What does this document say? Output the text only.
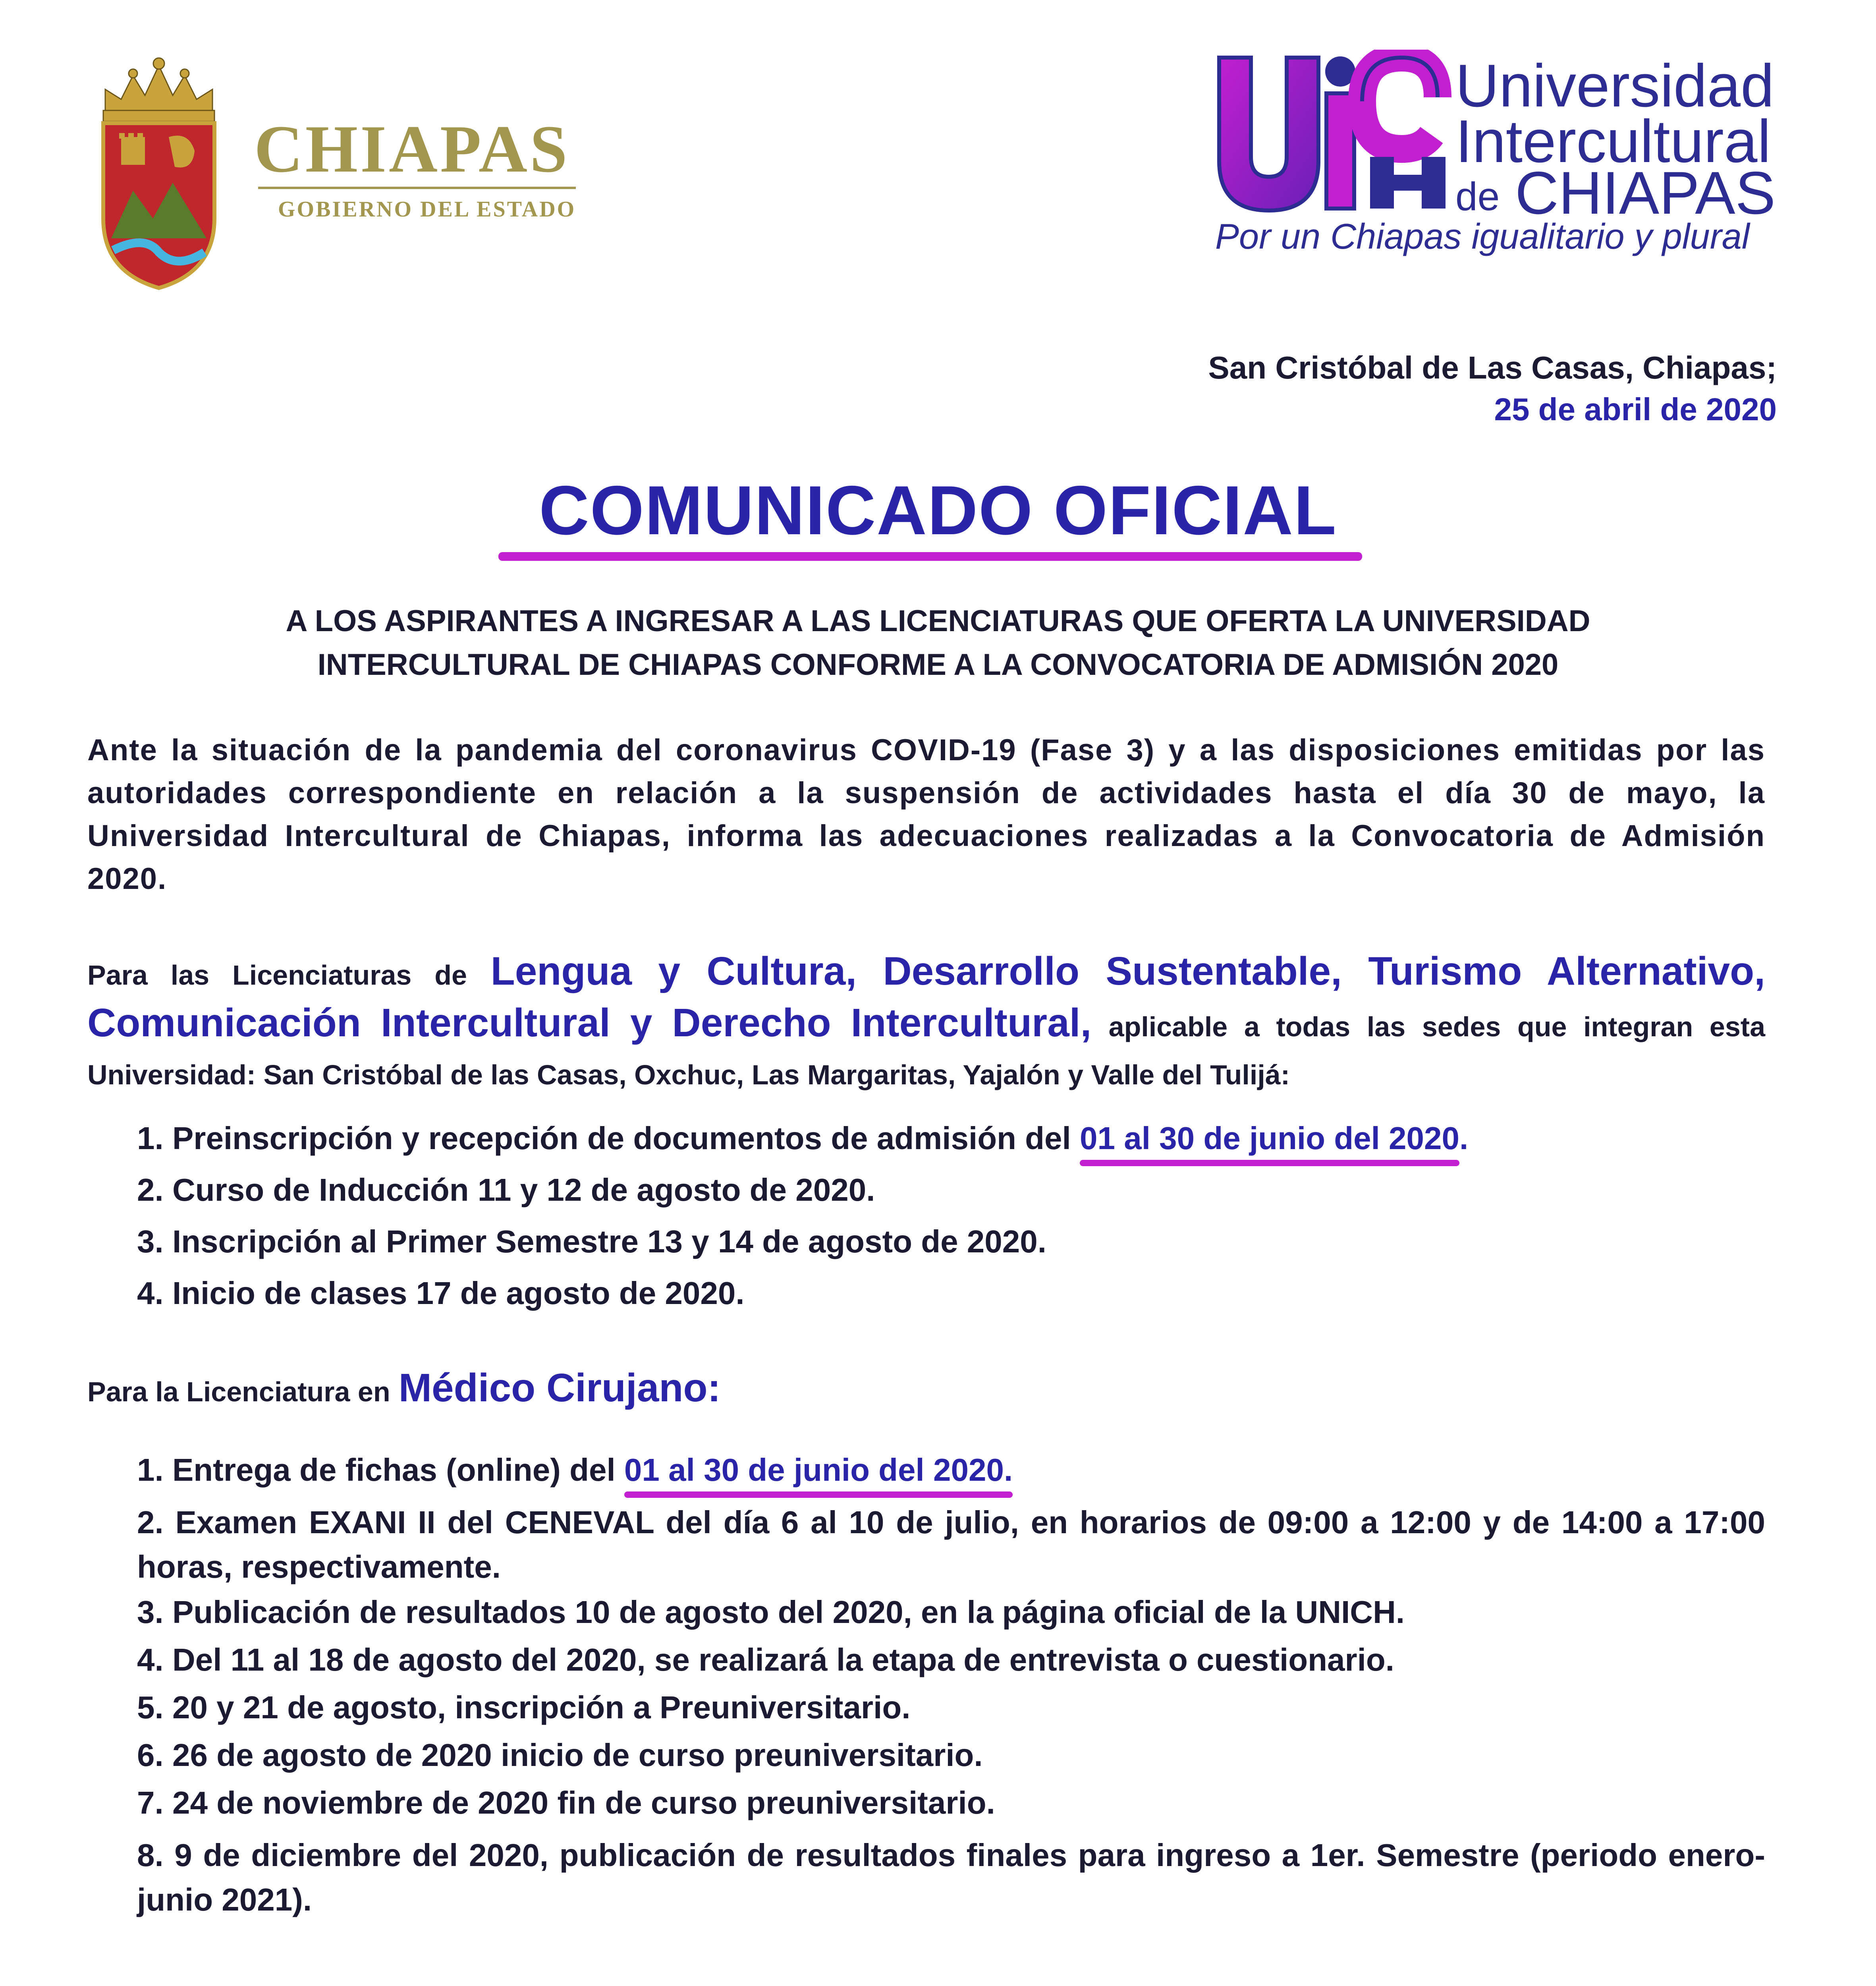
CHIAPAS
GOBIERNO DEL ESTADO
Universidad
Intercultural
de CHIAPAS
Por un Chiapas igualitario y plural
San Cristóbal de Las Casas, Chiapas;
25 de abril de 2020
COMUNICADO OFICIAL
A LOS ASPIRANTES A INGRESAR A LAS LICENCIATURAS QUE OFERTA LA UNIVERSIDAD
INTERCULTURAL DE CHIAPAS CONFORME A LA CONVOCATORIA DE ADMISIÓN 2020
Ante la situación de la pandemia del coronavirus COVID-19 (Fase 3) y a las disposiciones emitidas por las autoridades correspondiente en relación a la suspensión de actividades hasta el día 30 de mayo, la Universidad Intercultural de Chiapas, informa las adecuaciones realizadas a la Convocatoria de Admisión 2020.
Para las Licenciaturas de Lengua y Cultura, Desarrollo Sustentable, Turismo Alternativo, Comunicación Intercultural y Derecho Intercultural, aplicable a todas las sedes que integran esta Universidad: San Cristóbal de las Casas, Oxchuc, Las Margaritas, Yajalón y Valle del Tulijá:
1. Preinscripción y recepción de documentos de admisión del 01 al 30 de junio del 2020
.
2. Curso de Inducción 11 y 12 de agosto de 2020.
3. Inscripción al Primer Semestre 13 y 14 de agosto de 2020.
4. Inicio de clases 17 de agosto de 2020.
Para la Licenciatura en Médico Cirujano:
1. Entrega de fichas (online) del 01 al 30 de junio del 2020.
2. Examen EXANI II del CENEVAL del día 6 al 10 de julio, en horarios de 09:00 a 12:00 y de 14:00 a 17:00 horas, respectivamente.
3. Publicación de resultados 10 de agosto del 2020, en la página oficial de la UNICH.
4. Del 11 al 18 de agosto del 2020, se realizará la etapa de entrevista o cuestionario.
5. 20 y 21 de agosto, inscripción a Preuniversitario.
6. 26 de agosto de 2020 inicio de curso preuniversitario.
7. 24 de noviembre de 2020 fin de curso preuniversitario.
8. 9 de diciembre del 2020, publicación de resultados finales para ingreso a 1er. Semestre (periodo enero-junio 2021).
